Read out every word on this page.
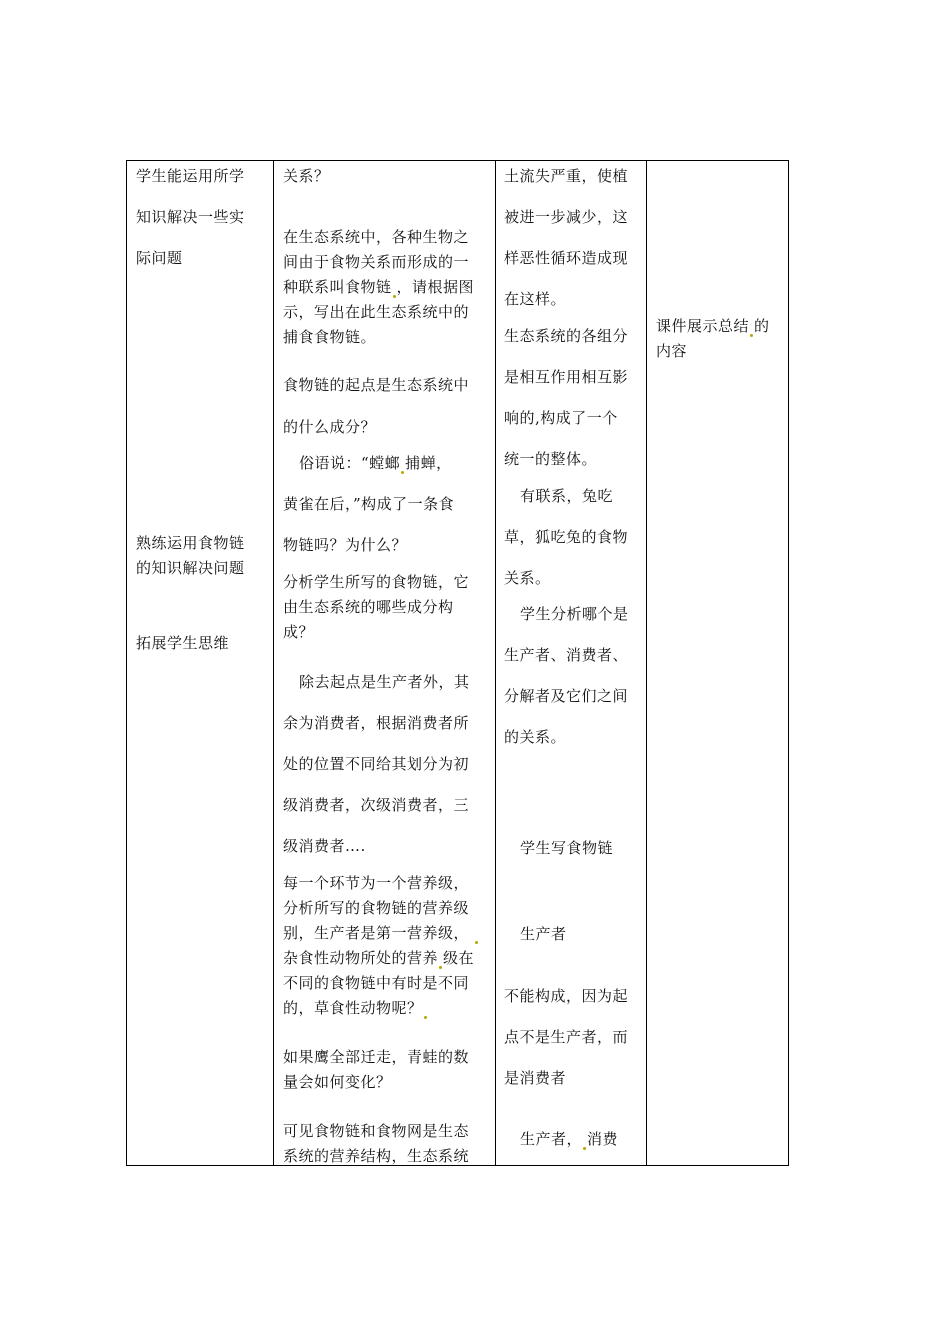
学生能运用所学
知识解决一些实
际问题
熟练运用食物链
的知识解决问题
拓展学生思维
关系？
在生态系统中，各种生物之
间由于食物关系而形成的一
种联系叫食物链 ，请根据图
示，写出在此生态系统中的
捕食食物链。
食物链的起点是生态系统中
的什么成分？
俗语说：“螳螂 捕蝉，
黄雀在后，”构成了一条食
物链吗？为什么？
分析学生所写的食物链，它
由生态系统的哪些成分构
成？
除去起点是生产者外，其
余为消费者，根据消费者所
处的位置不同给其划分为初
级消费者，次级消费者，三
级消费者….
每一个环节为一个营养级，
分析所写的食物链的营养级
别，生产者是第一营养级，
杂食性动物所处的营养 级在
不同的食物链中有时是不同
的，草食性动物呢？
如果鹰全部迁走，青蛙的数
量会如何变化？
可见食物链和食物网是生态
系统的营养结构，生态系统
土流失严重，使植
被进一步减少，这
样恶性循环造成现
在这样。
生态系统的各组分
是相互作用相互影
响的,构成了一个
统一的整体。
有联系，兔吃
草，狐吃兔的食物
关系。
学生分析哪个是
生产者、消费者、
分解者及它们之间
的关系。
学生写食物链
生产者
不能构成，因为起
点不是生产者，而
是消费者
生产者， 消费
课件展示总结 的
内容
